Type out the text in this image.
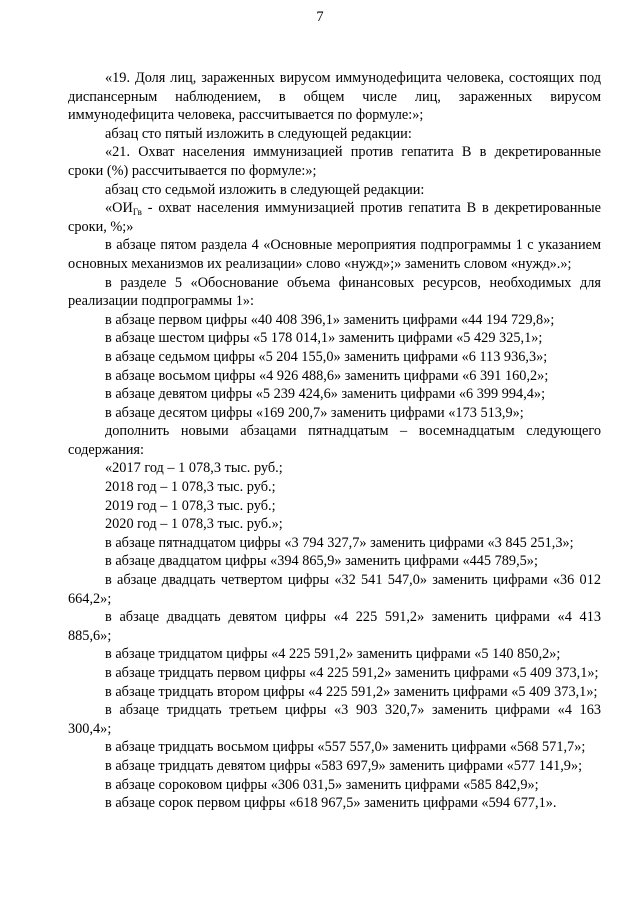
7

«19. Доля лиц, зараженных вирусом иммунодефицита человека, состоящих под диспансерным наблюдением, в общем числе лиц, зараженных вирусом иммунодефицита человека, рассчитывается по формуле:»;

абзац сто пятый изложить в следующей редакции:

«21. Охват населения иммунизацией против гепатита В в декретированные сроки (%) рассчитывается по формуле:»;

абзац сто седьмой изложить в следующей редакции:

«$ОИ_{Гв}$ - охват населения иммунизацией против гепатита В в декретированные сроки, %;»

в абзаце пятом раздела 4 «Основные мероприятия подпрограммы 1 с указанием основных механизмов их реализации» слово «нужд»;» заменить словом «нужд».»;

в разделе 5 «Обоснование объема финансовых ресурсов, необходимых для реализации подпрограммы 1»:

в абзаце первом цифры «40 408 396,1» заменить цифрами «44 194 729,8»;

в абзаце шестом цифры «5 178 014,1» заменить цифрами «5 429 325,1»;

в абзаце седьмом цифры «5 204 155,0» заменить цифрами «6 113 936,3»;

в абзаце восьмом цифры «4 926 488,6» заменить цифрами «6 391 160,2»;

в абзаце девятом цифры «5 239 424,6» заменить цифрами «6 399 994,4»;

в абзаце десятом цифры «169 200,7» заменить цифрами «173 513,9»;

дополнить новыми абзацами пятнадцатым – восемнадцатым следующего содержания:

«2017 год – 1 078,3 тыс. руб.;

2018 год – 1 078,3 тыс. руб.;

2019 год – 1 078,3 тыс. руб.;

2020 год – 1 078,3 тыс. руб.»;

в абзаце пятнадцатом цифры «3 794 327,7» заменить цифрами «3 845 251,3»;

в абзаце двадцатом цифры «394 865,9» заменить цифрами «445 789,5»;

в абзаце двадцать четвертом цифры «32 541 547,0» заменить цифрами «36 012 664,2»;

в абзаце двадцать девятом цифры «4 225 591,2» заменить цифрами «4 413 885,6»;

в абзаце тридцатом цифры «4 225 591,2» заменить цифрами «5 140 850,2»;

в абзаце тридцать первом цифры «4 225 591,2» заменить цифрами «5 409 373,1»;

в абзаце тридцать втором цифры «4 225 591,2» заменить цифрами «5 409 373,1»;

в абзаце тридцать третьем цифры «3 903 320,7» заменить цифрами «4 163 300,4»;

в абзаце тридцать восьмом цифры «557 557,0» заменить цифрами «568 571,7»;

в абзаце тридцать девятом цифры «583 697,9» заменить цифрами «577 141,9»;

в абзаце сороковом цифры «306 031,5» заменить цифрами «585 842,9»;

в абзаце сорок первом цифры «618 967,5» заменить цифрами «594 677,1».
